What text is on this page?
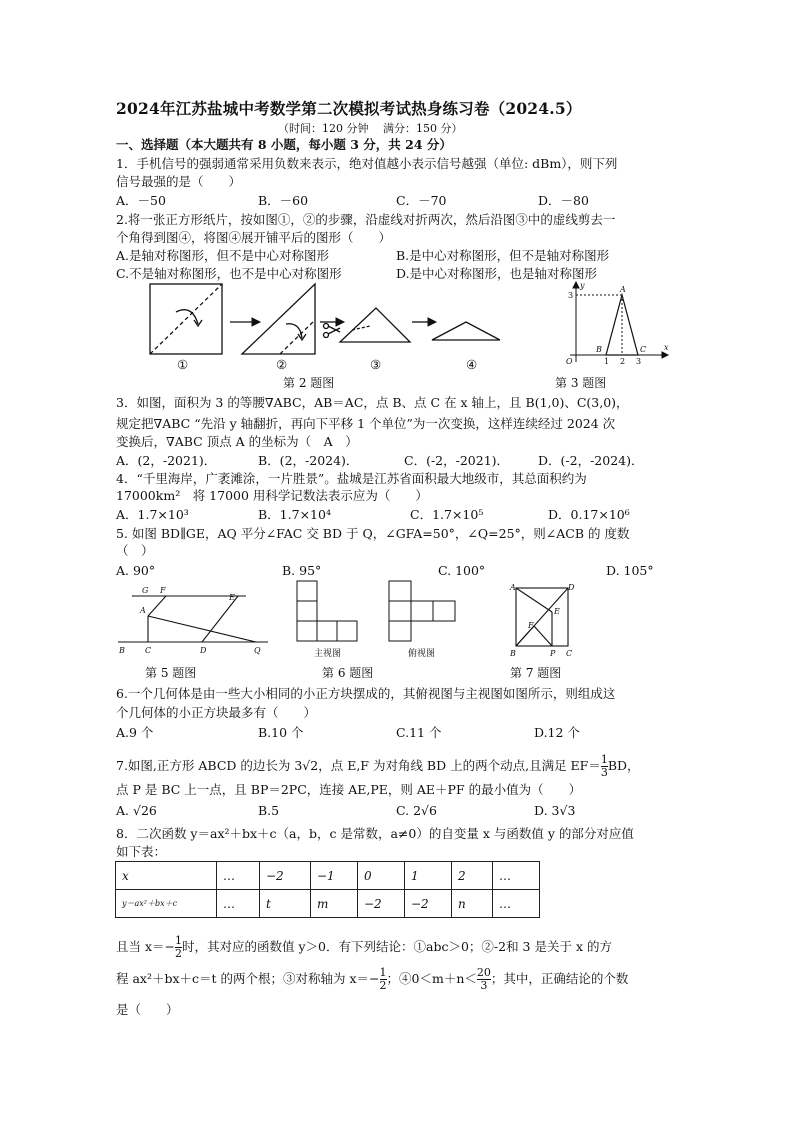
2024年江苏盐城中考数学第二次模拟考试热身练习卷（2024.5）
（时间：120 分钟　 满分：150 分）
一、选择题（本大题共有 8 小题，每小题 3 分，共 24 分）
1．手机信号的强弱通常采用负数来表示，绝对值越小表示信号越强（单位: dBm），则下列
信号最强的是（　　）
A．－50	B．－60	C．－70	D．－80
2.将一张正方形纸片，按如图①，②的步骤，沿虚线对折两次，然后沿图③中的虚线剪去一
个角得到图④，将图④展开铺平后的图形（　　）
A.是轴对称图形，但不是中心对称图形	B.是中心对称图形，但不是轴对称图形
C.不是轴对称图形，也不是中心对称图形	D.是中心对称图形，也是轴对称图形
①	②	③	④
第 2 题图
y
x
O
A
B	C
3
1 2 3
第 3 题图
3．如图，面积为 3 的等腰∇ABC，AB＝AC，点 B、点 C 在 x 轴上，且 B(1,0)、C(3,0)，
规定把∇ABC “先沿 y 轴翻折，再向下平移 1 个单位”为一次变换，这样连续经过 2024 次
变换后，∇ABC 顶点 A 的坐标为（　A　）
A．(2，-2021)．	B．(2，-2024)．	C．(-2，-2021)． D．(-2，-2024)．
4．“千里海岸，广袤滩涂，一片胜景”。盐城是江苏省面积最大地级市，其总面积约为
17000km²　将 17000 用科学记数法表示应为（　　）
A．1.7×10³	B．1.7×10⁴	C．1.7×10⁵	D．0.17×10⁶
5. 如图 BD∥GE，AQ 平分∠FAC 交 BD 于 Q，∠GFA=50°，∠Q=25°，则∠ACB 的 度数
（　）
A. 90°	B. 95°	C. 100°	D. 105°
G F
E
A
B	C	D	Q
第 5 题图
主视图	俯视图
第 6 题图
A	D
E
F
B	P C
第 7 题图
6.一个几何体是由一些大小相同的小正方块摆成的，其俯视图与主视图如图所示，则组成这
个几何体的小正方块最多有（　　）
A.9 个	B.10 个	C.11 个	D.12 个
7.如图,正方形 ABCD 的边长为 3√2，点 E,F 为对角线 BD 上的两个动点,且满足 $EF= \frac{1}{3}$ BD，
点 P 是 BC 上一点，且 BP＝2PC，连接 AE,PE，则 AE＋PF 的最小值为（　　）
A. √26	B.5	C. 2√6	D. 3√3
8．二次函数 y＝ax²＋bx＋c（a，b，c 是常数，a≠0）的自变量 x 与函数值 y 的部分对应值
如下表：
x	…	−2	−1	0	1	2	…
y＝ax²＋bx＋c	…	t	m	−2	−2	n	…
且当 $x=- \frac{1}{2}$ 时，其对应的函数值 y＞0．有下列结论：①abc＞0；②-2和 3 是关于 x 的方
程 ax²＋bx＋c＝t 的两个根；③对称轴为 $x=- \frac{1}{2}$ ；④0＜m＋n＜ $\frac{20}{3}$ ；其中，正确结论的个数
是（　　）
